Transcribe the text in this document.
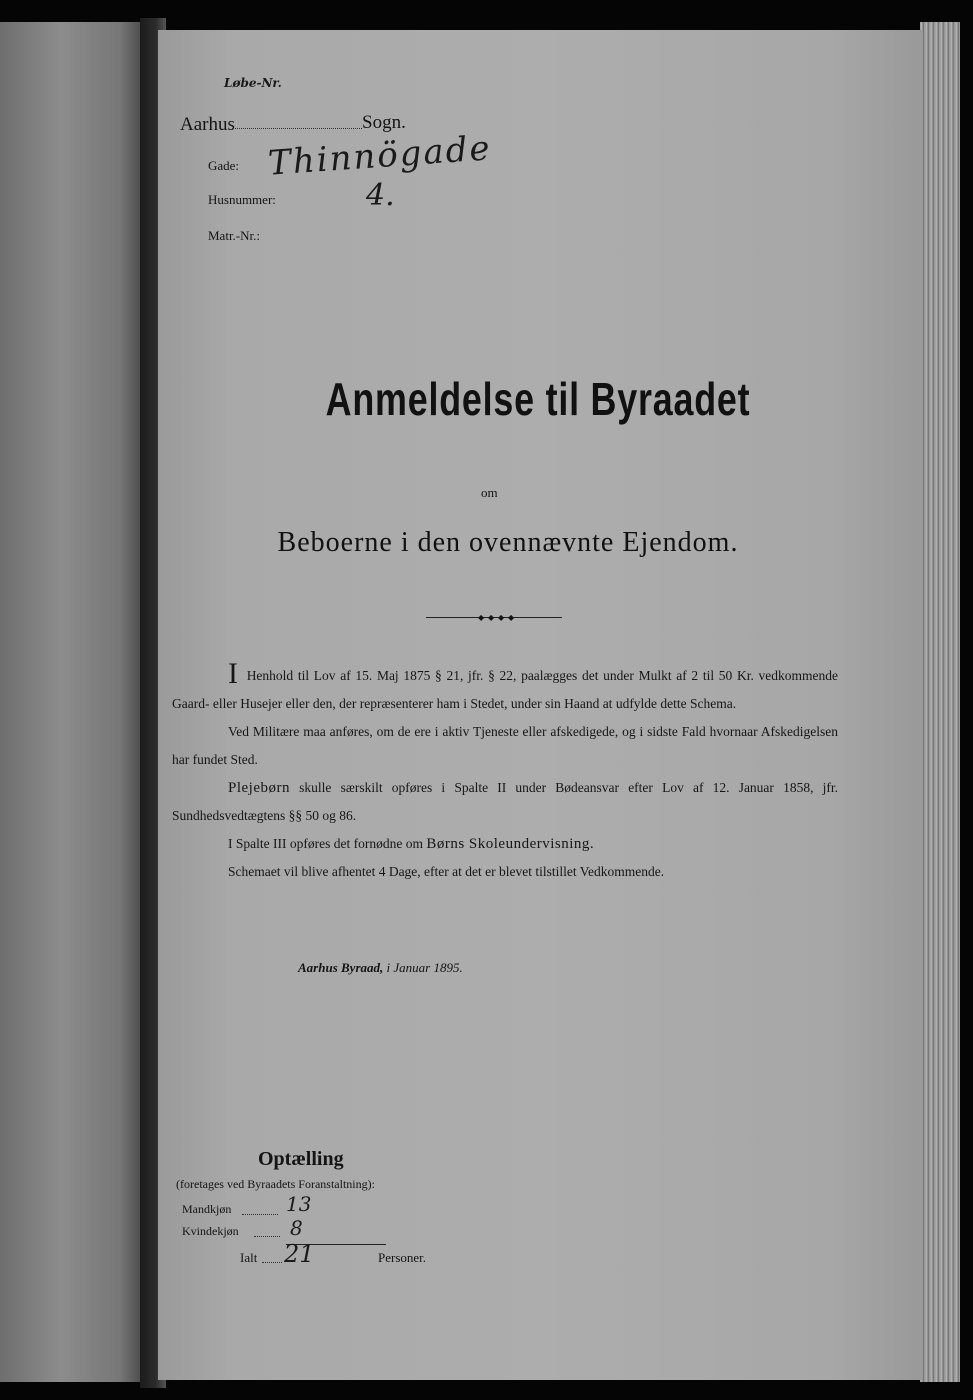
Løbe-Nr.
Aarhus	Sogn.
Gade: Thinnögade
Husnummer:	4.
Matr.-Nr.:
Anmeldelse til Byraadet
om
Beboerne i den ovennævnte Ejendom.
◆ ◆ ◆ ◆

I Henhold til Lov af 15. Maj 1875 § 21, jfr. § 22, paalægges det under Mulkt af 2 til 50 Kr. vedkommende Gaard- eller Husejer eller den, der repræsenterer ham i Stedet, under sin Haand at udfylde dette Schema.

Ved Militære maa anføres, om de ere i aktiv Tjeneste eller afskedigede, og i sidste Fald hvornaar Afskedigelsen har fundet Sted.

Plejebørn skulle særskilt opføres i Spalte II under Bødeansvar efter Lov af 12. Januar 1858, jfr. Sundhedsvedtægtens §§ 50 og 86.

I Spalte III opføres det fornødne om Børns Skoleundervisning.

Schemaet vil blive afhentet 4 Dage, efter at det er blevet tilstillet Vedkommende.

Aarhus Byraad, i Januar 1895.
Optælling
(foretages ved Byraadets Foranstaltning):
Mandkjøn	13
Kvindekjøn	8
Ialt 21	Personer.
